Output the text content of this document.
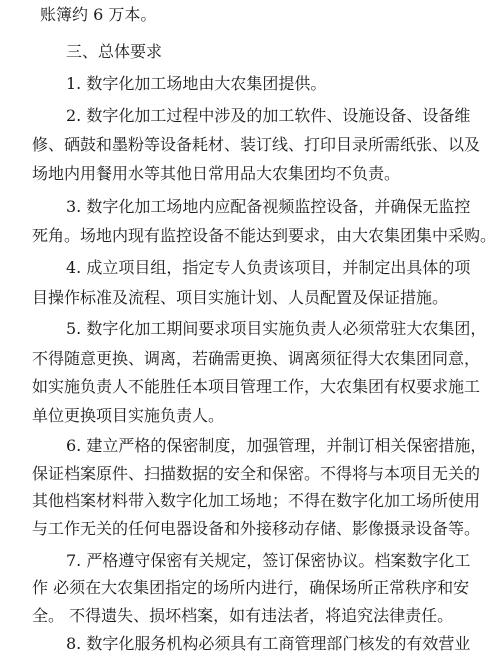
账簿约 6 万本。
三、总体要求
1. 数字化加工场地由大农集团提供。
2. 数字化加工过程中涉及的加工软件、设施设备、设备维
修、硒鼓和墨粉等设备耗材、装订线、打印目录所需纸张、以及
场地内用餐用水等其他日常用品大农集团均不负责。
3. 数字化加工场地内应配备视频监控设备，并确保无监控
死角。场地内现有监控设备不能达到要求，由大农集团集中采购。
4. 成立项目组，指定专人负责该项目，并制定出具体的项
目操作标准及流程、项目实施计划、人员配置及保证措施。
5. 数字化加工期间要求项目实施负责人必须常驻大农集团，
不得随意更换、调离，若确需更换、调离须征得大农集团同意，
如实施负责人不能胜任本项目管理工作，大农集团有权要求施工
单位更换项目实施负责人。
6. 建立严格的保密制度，加强管理，并制订相关保密措施，
保证档案原件、扫描数据的安全和保密。不得将与本项目无关的
其他档案材料带入数字化加工场地；不得在数字化加工场所使用
与工作无关的任何电器设备和外接移动存储、影像摄录设备等。
7. 严格遵守保密有关规定，签订保密协议。档案数字化工
作 必须在大农集团指定的场所内进行，确保场所正常秩序和安
全。 不得遗失、损坏档案，如有违法者，将追究法律责任。
8. 数字化服务机构必须具有工商管理部门核发的有效营业
